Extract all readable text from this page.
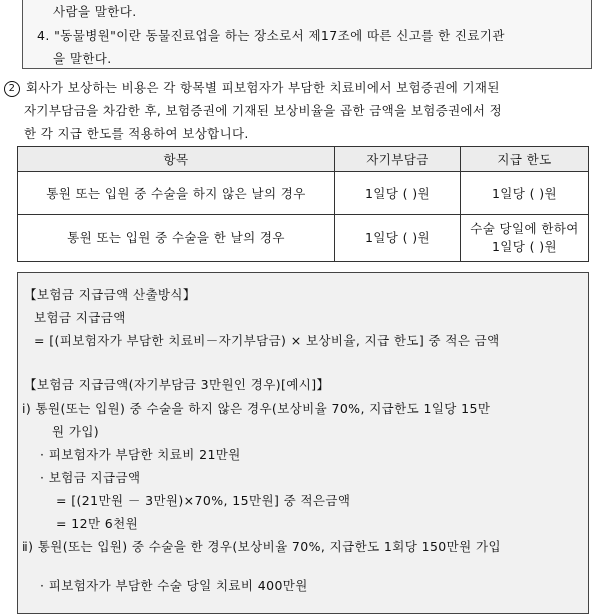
사람을 말한다.
4. "동물병원"이란 동물진료업을 하는 장소로서 제17조에 따른 신고를 한 진료기관
을 말한다.
2 회사가 보상하는 비용은 각 항목별 피보험자가 부담한 치료비에서 보험증권에 기재된
자기부담금을 차감한 후, 보험증권에 기재된 보상비율을 곱한 금액을 보험증권에서 정
한 각 지급 한도를 적용하여 보상합니다.
항목	자기부담금	지급 한도
통원 또는 입원 중 수술을 하지 않은 날의 경우	1일당 ( )원	1일당 ( )원
통원 또는 입원 중 수술을 한 날의 경우	1일당 ( )원	수술 당일에 한하여
1일당 ( )원
【보험금 지급금액 산출방식】
보험금 지급금액
= [(피보험자가 부담한 치료비－자기부담금) × 보상비율, 지급 한도] 중 적은 금액
【보험금 지급금액(자기부담금 3만원인 경우)[예시]】
ⅰ) 통원(또는 입원) 중 수술을 하지 않은 경우(보상비율 70%, 지급한도 1일당 15만
원 가입)
· 피보험자가 부담한 치료비 21만원
· 보험금 지급금액
= [(21만원 － 3만원)×70%, 15만원] 중 적은금액
= 12만 6천원
ⅱ) 통원(또는 입원) 중 수술을 한 경우(보상비율 70%, 지급한도 1회당 150만원 가입
· 피보험자가 부담한 수술 당일 치료비 400만원
